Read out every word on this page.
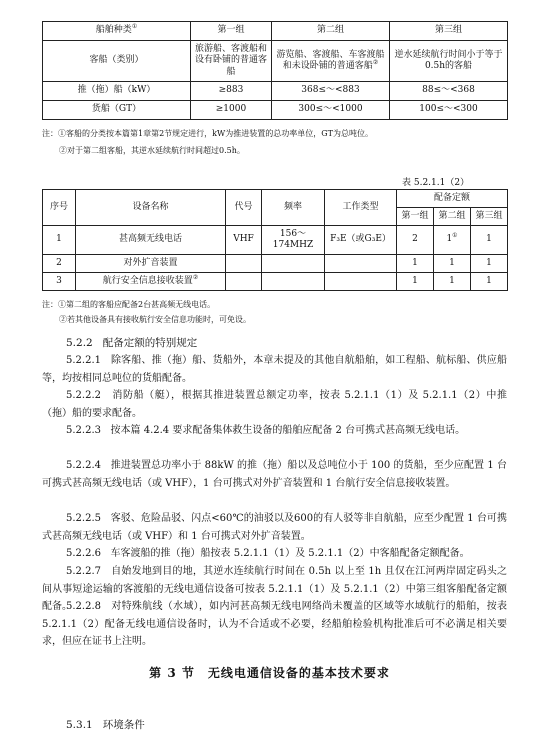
船舶种类①	第一组	第二组	第三组
客船（类别）	旅游船、客渡船和设有卧铺的普通客船	游览船、客渡船、车客渡船和未设卧铺的普通客船②	逆水延续航行时间小于等于0.5h的客船
推（拖）船（kW）	≥883	368≤～<883	88≤～<368
货船（GT）	≥1000	300≤～<1000	100≤～<300
注：①客船的分类按本篇第1章第2节规定进行，kW为推进装置的总功率单位，GT为总吨位。
②对于第二组客船，其逆水延续航行时间超过0.5h。
表 5.2.1.1（2）
序号	设备名称	代号	频率	工作类型	配备定额		
					第一组	第二组	第三组
1	甚高频无线电话	VHF	156～174MHZ	F₃E（或G₃E）	2	1①	1
2	对外扩音装置				1	1	1
3	航行安全信息接收装置②				1	1	1
注：①第二组的客船应配备2台甚高频无线电话。
②若其他设备具有接收航行安全信息功能时，可免设。
5.2.2 配备定额的特别规定
5.2.2.1 除客船、推（拖）船、货船外，本章未提及的其他自航船舶，如工程船、航标船、供应船等，均按相同总吨位的货船配备。
5.2.2.2 消防船（艇），根据其推进装置总额定功率，按表 5.2.1.1（1）及 5.2.1.1（2）中推（拖）船的要求配备。
5.2.2.3 按本篇 4.2.4 要求配备集体救生设备的船舶应配备 2 台可携式甚高频无线电话。
5.2.2.4 推进装置总功率小于 88kW 的推（拖）船以及总吨位小于 100 的货船，至少应配置 1 台可携式甚高频无线电话（或 VHF），1 台可携式对外扩音装置和 1 台航行安全信息接收装置。
5.2.2.5 客驳、危险品驳、闪点<60℃的油驳以及600的有人驳等非自航船，应至少配置 1 台可携式甚高频无线电话（或 VHF）和 1 台可携式对外扩音装置。
5.2.2.6 车客渡船的推（拖）船按表 5.2.1.1（1）及 5.2.1.1（2）中客船配备定额配备。
5.2.2.7 自始发地到目的地，其逆水连续航行时间在 0.5h 以上至 1h 且仅在江河两岸固定码头之间从事短途运输的客渡船的无线电通信设备可按表 5.2.1.1（1）及 5.2.1.1（2）中第三组客船配备定额配备。
5.2.2.8 对特殊航线（水域），如内河甚高频无线电网络尚未覆盖的区域等水域航行的船舶，按表 5.2.1.1（2）配备无线电通信设备时，认为不合适或不必要，经船舶检验机构批准后可不必满足相关要求，但应在证书上注明。
第 3 节　无线电通信设备的基本技术要求
5.3.1 环境条件
